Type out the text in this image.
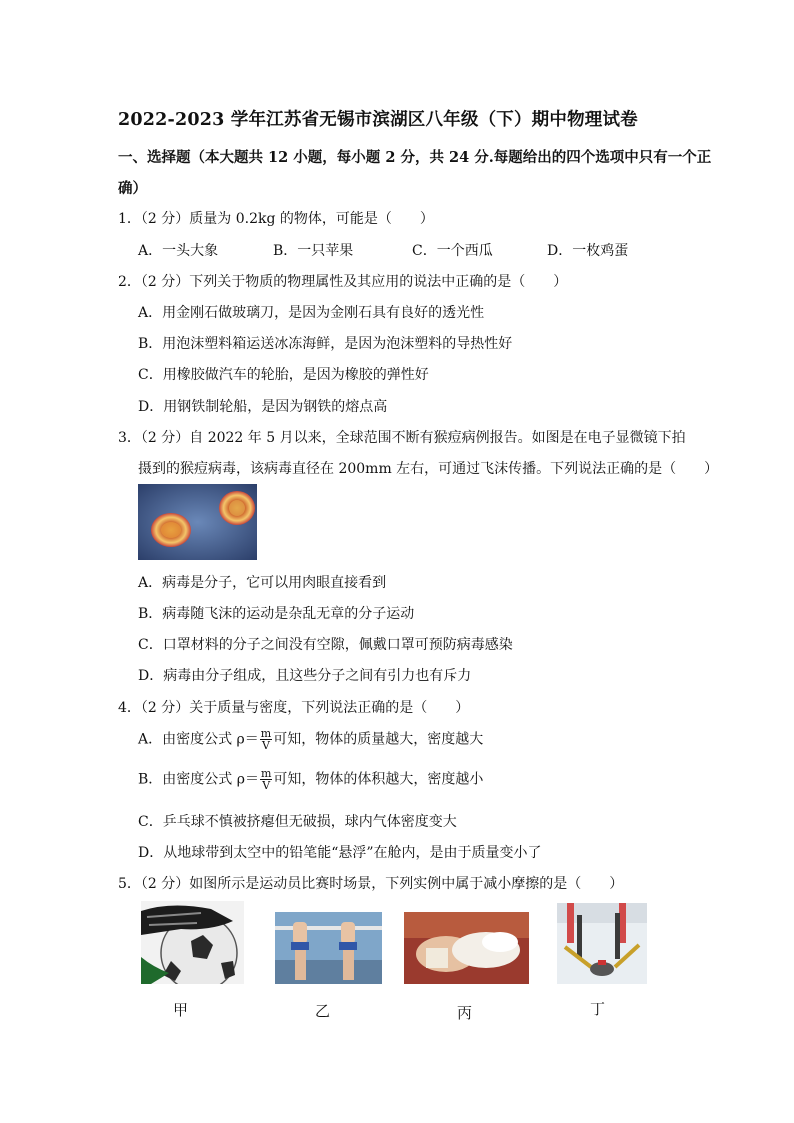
2022-2023 学年江苏省无锡市滨湖区八年级（下）期中物理试卷
一、选择题（本大题共 12 小题，每小题 2 分，共 24 分.每题给出的四个选项中只有一个正
确）
1．（2 分）质量为 0.2kg 的物体，可能是（　　）
A．一头大象	B．一只苹果	C．一个西瓜	D．一枚鸡蛋
2．（2 分）下列关于物质的物理属性及其应用的说法中正确的是（　　）
A．用金刚石做玻璃刀，是因为金刚石具有良好的透光性
B．用泡沫塑料箱运送冰冻海鲜，是因为泡沫塑料的导热性好
C．用橡胶做汽车的轮胎，是因为橡胶的弹性好
D．用钢铁制轮船，是因为钢铁的熔点高
3．（2 分）自 2022 年 5 月以来，全球范围不断有猴痘病例报告。如图是在电子显微镜下拍
摄到的猴痘病毒，该病毒直径在 200mm 左右，可通过飞沫传播。下列说法正确的是（　　）
A．病毒是分子，它可以用肉眼直接看到
B．病毒随飞沫的运动是杂乱无章的分子运动
C．口罩材料的分子之间没有空隙，佩戴口罩可预防病毒感染
D．病毒由分子组成，且这些分子之间有引力也有斥力
4．（2 分）关于质量与密度，下列说法正确的是（　　）
A．由密度公式 $\rho= \frac{m}{V}$ 可知，物体的质量越大，密度越大
B．由密度公式 $\rho= \frac{m}{V}$ 可知，物体的体积越大，密度越小
C．乒乓球不慎被挤瘪但无破损，球内气体密度变大
D．从地球带到太空中的铅笔能“悬浮”在舱内，是由于质量变小了
5．（2 分）如图所示是运动员比赛时场景，下列实例中属于减小摩擦的是（　　）
甲	乙	丙	丁
